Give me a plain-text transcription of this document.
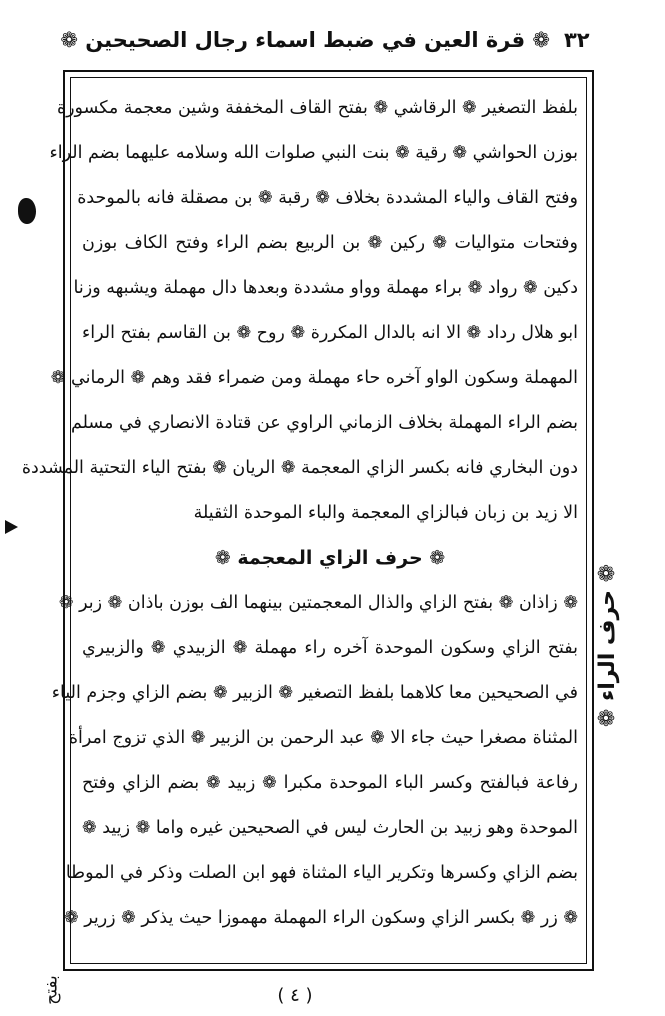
٣٢
❁ قرة العين في ضبط اسماء رجال الصحيحين ❁
بلفظ التصغير ❁ الرقاشي ❁ بفتح القاف المخففة وشين معجمة مكسورة
بوزن الحواشي ❁ رقية ❁ بنت النبي صلوات الله وسلامه عليهما بضم الراء
وفتح القاف والياء المشددة بخلاف ❁ رقبة ❁ بن مصقلة فانه بالموحدة
وفتحات متواليات ❁ ركين ❁ بن الربيع بضم الراء وفتح الكاف بوزن
دكين ❁ رواد ❁ براء مهملة وواو مشددة وبعدها دال مهملة ويشبهه وزنا
ابو هلال رداد ❁ الا انه بالدال المكررة ❁ روح ❁ بن القاسم بفتح الراء
المهملة وسكون الواو آخره حاء مهملة ومن ضمراء فقد وهم ❁ الرماني ❁
بضم الراء المهملة بخلاف الزماني الراوي عن قتادة الانصاري في مسلم
دون البخاري فانه بكسر الزاي المعجمة ❁ الريان ❁ بفتح الياء التحتية المشددة
الا زيد بن زبان فبالزاي المعجمة والباء الموحدة الثقيلة
❁ حرف الزاي المعجمة ❁
❁ زاذان ❁ بفتح الزاي والذال المعجمتين بينهما الف بوزن باذان ❁ زبر ❁
بفتح الزاي وسكون الموحدة آخره راء مهملة ❁ الزبيدي ❁ والزبيري
في الصحيحين معا كلاهما بلفظ التصغير ❁ الزبير ❁ بضم الزاي وجزم الياء
المثناة مصغرا حيث جاء الا ❁ عبد الرحمن بن الزبير ❁ الذي تزوج امرأة
رفاعة فبالفتح وكسر الباء الموحدة مكبرا ❁ زبيد ❁ بضم الزاي وفتح
الموحدة وهو زبيد بن الحارث ليس في الصحيحين غيره واما ❁ زييد ❁
بضم الزاي وكسرها وتكرير الياء المثناة فهو ابن الصلت وذكر في الموطا
❁ زر ❁ بكسر الزاي وسكون الراء المهملة مهموزا حيث يذكر ❁ زرير ❁
❁ حرف الراء ❁
بفتح	( ٤ )
